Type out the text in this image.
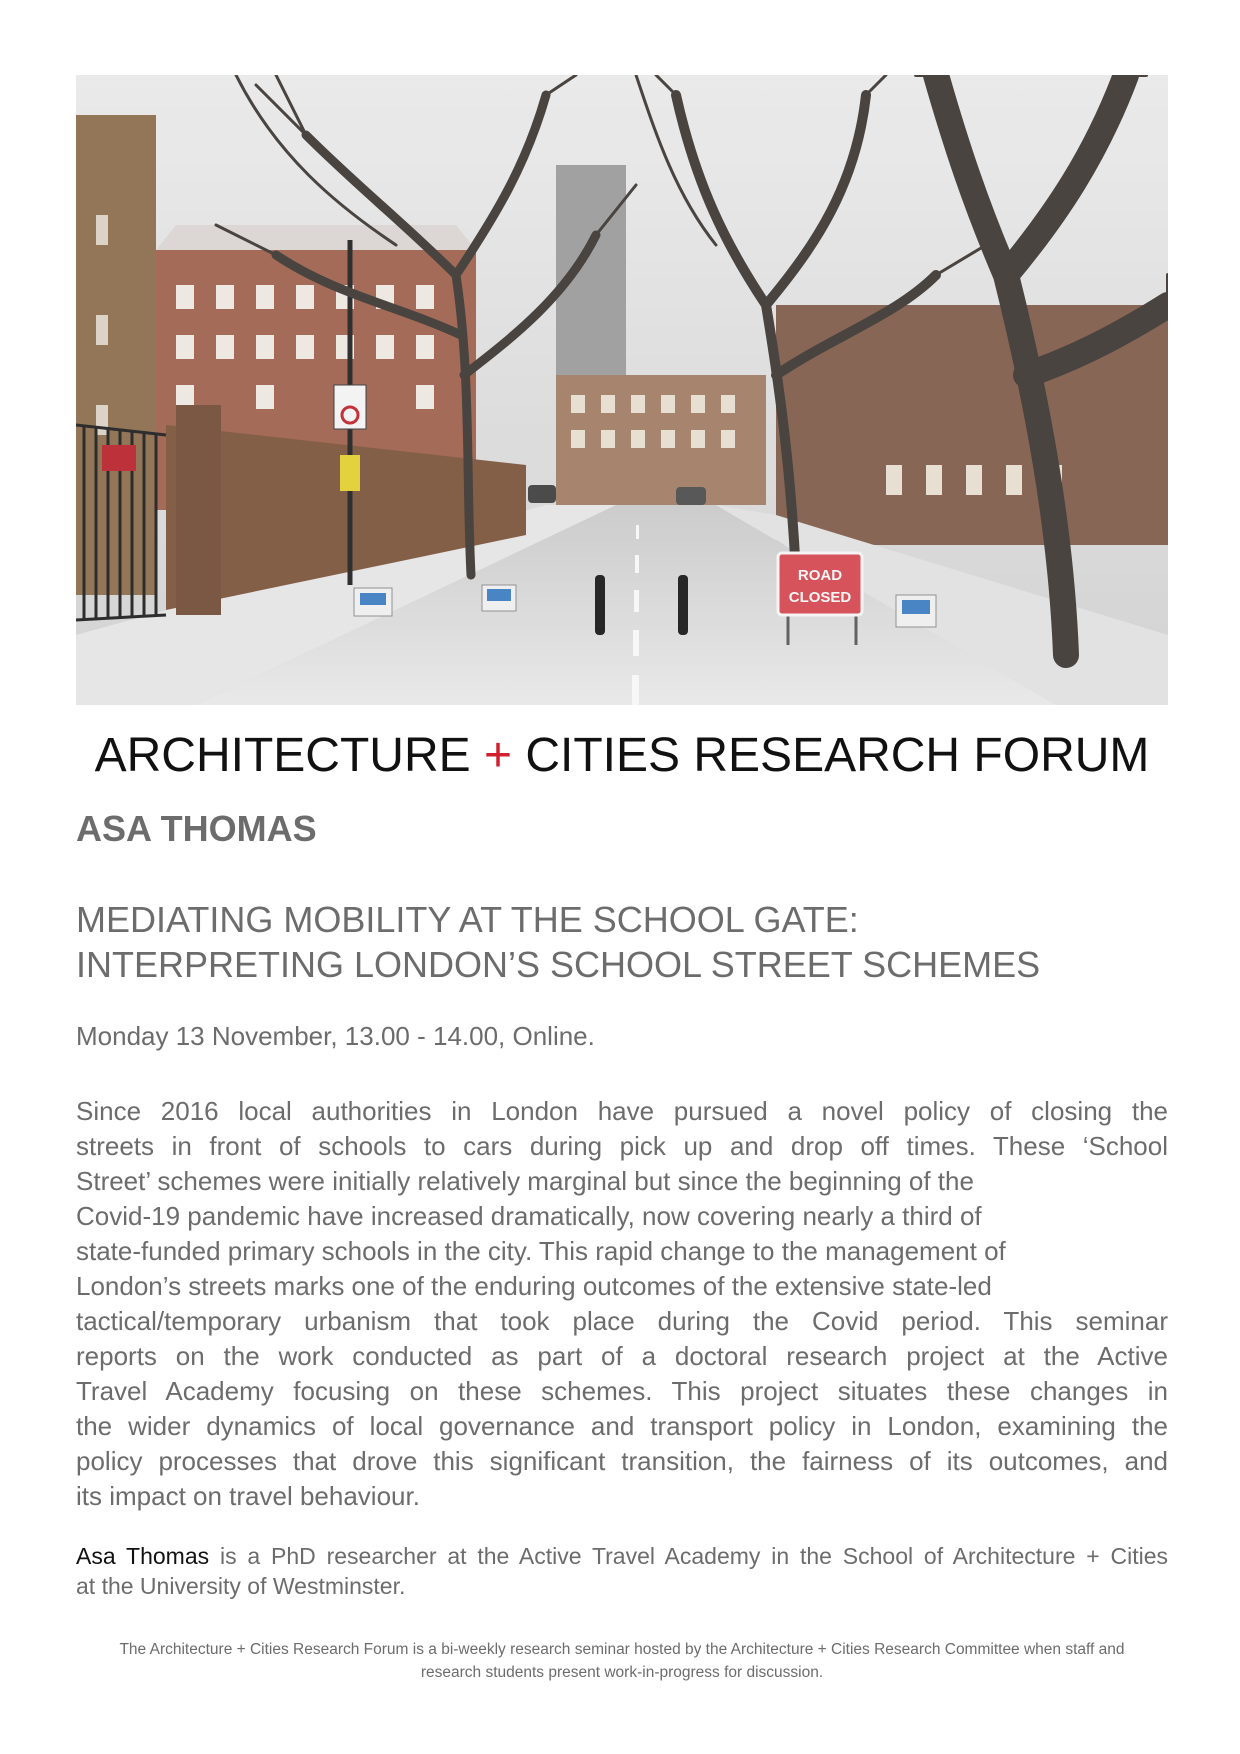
ROAD
CLOSED
ARCHITECTURE + CITIES RESEARCH FORUM
ASA THOMAS
MEDIATING MOBILITY AT THE SCHOOL GATE:
INTERPRETING LONDON’S SCHOOL STREET SCHEMES
Monday 13 November, 13.00 - 14.00, Online.
Since 2016 local authorities in London have pursued a novel policy of closing the
streets in front of schools to cars during pick up and drop off times. These ‘School
Street’ schemes were initially relatively marginal but since the beginning of the
Covid-19 pandemic have increased dramatically, now covering nearly a third of
state-funded primary schools in the city. This rapid change to the management of
London’s streets marks one of the enduring outcomes of the extensive state-led
tactical/temporary urbanism that took place during the Covid period. This seminar
reports on the work conducted as part of a doctoral research project at the Active
Travel Academy focusing on these schemes. This project situates these changes in
the wider dynamics of local governance and transport policy in London, examining the
policy processes that drove this significant transition, the fairness of its outcomes, and
its impact on travel behaviour.
Asa Thomas is a PhD researcher at the Active Travel Academy in the School of Architecture + Cities
at the University of Westminster.
The Architecture + Cities Research Forum is a bi-weekly research seminar hosted by the Architecture + Cities Research Committee when staff and
research students present work-in-progress for discussion.
